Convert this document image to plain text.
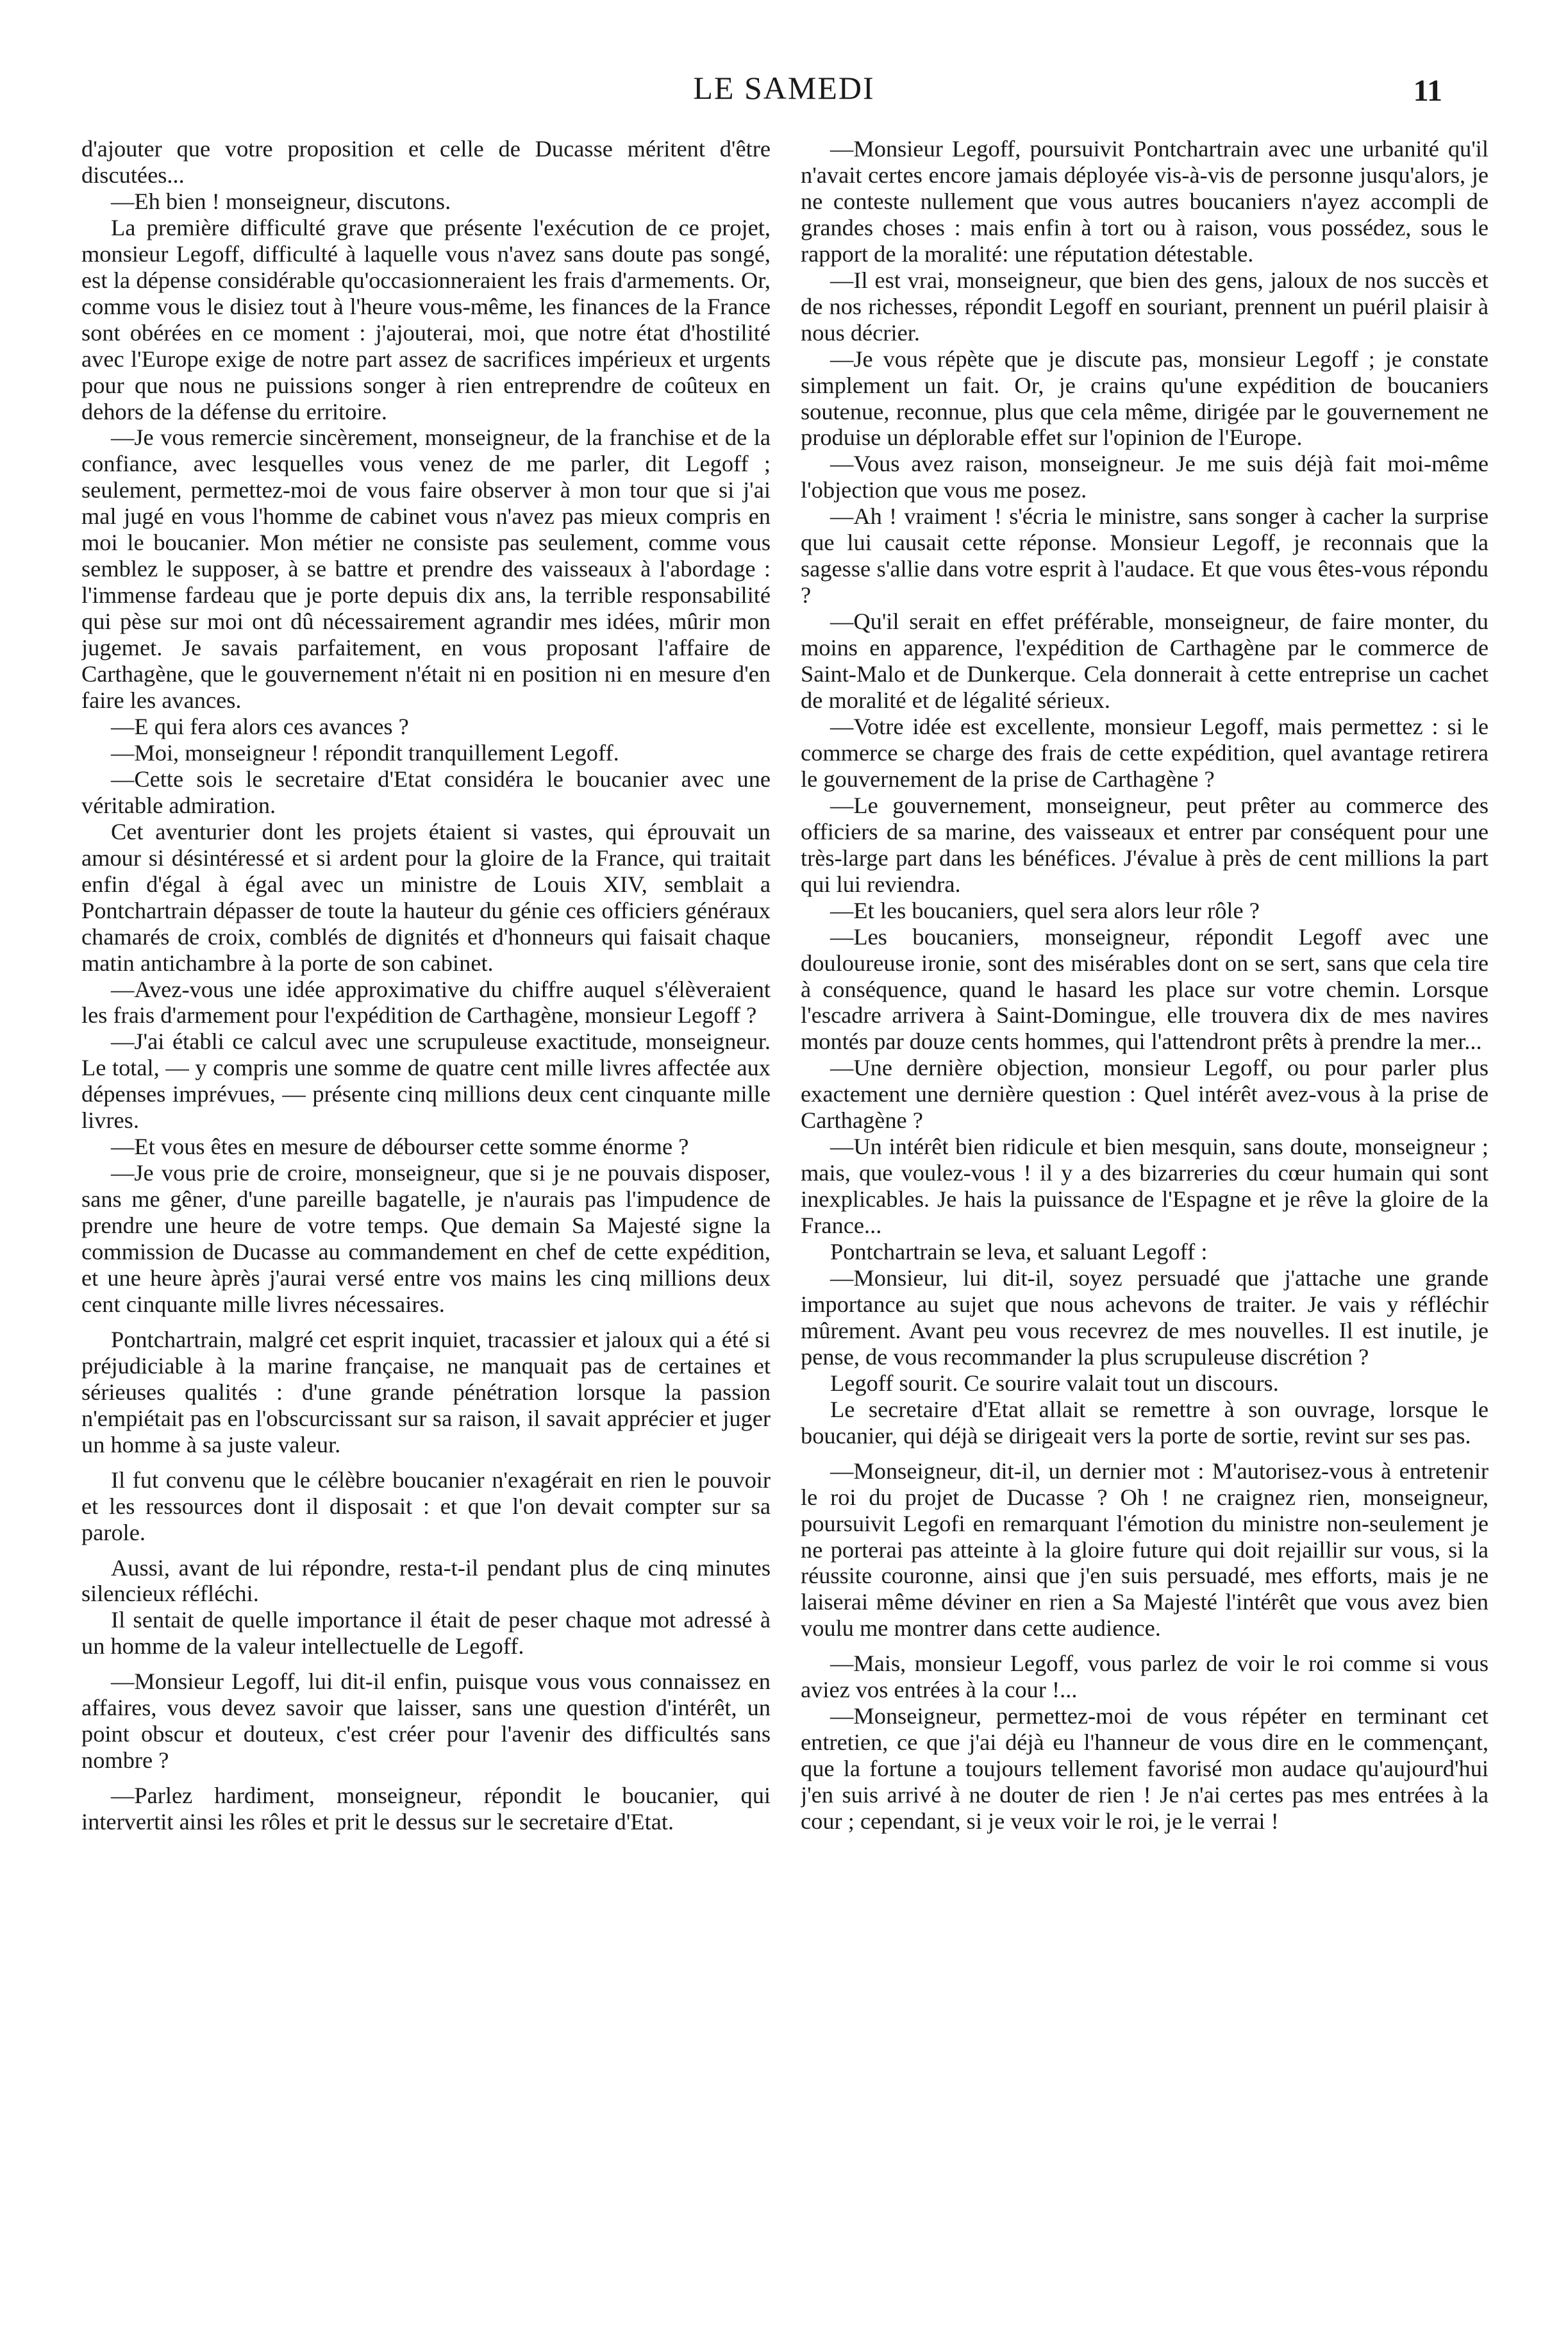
LE SAMEDI	11

d'ajouter que votre proposition et celle de Ducasse méritent d'être discutées...

—Eh bien ! monseigneur, discutons.

La première difficulté grave que présente l'exécution de ce projet, monsieur Legoff, difficulté à laquelle vous n'avez sans doute pas songé, est la dépense considérable qu'occasionneraient les frais d'armements. Or, comme vous le disiez tout à l'heure vous-même, les finances de la France sont obérées en ce moment : j'ajouterai, moi, que notre état d'hostilité avec l'Europe exige de notre part assez de sacrifices impérieux et urgents pour que nous ne puissions songer à rien entreprendre de coûteux en dehors de la défense du erritoire.

—Je vous remercie sincèrement, monseigneur, de la franchise et de la confiance, avec lesquelles vous venez de me parler, dit Legoff ; seulement, permettez-moi de vous faire observer à mon tour que si j'ai mal jugé en vous l'homme de cabinet vous n'avez pas mieux compris en moi le boucanier. Mon métier ne consiste pas seulement, comme vous semblez le supposer, à se battre et prendre des vaisseaux à l'abordage : l'immense fardeau que je porte depuis dix ans, la terrible responsabilité qui pèse sur moi ont dû nécessairement agrandir mes idées, mûrir mon jugemet. Je savais parfaitement, en vous proposant l'affaire de Carthagène, que le gouvernement n'était ni en position ni en mesure d'en faire les avances.

—E qui fera alors ces avances ?

—Moi, monseigneur ! répondit tranquillement Legoff.

—Cette sois le secretaire d'Etat considéra le boucanier avec une véritable admiration.

Cet aventurier dont les projets étaient si vastes, qui éprouvait un amour si désintéressé et si ardent pour la gloire de la France, qui traitait enfin d'égal à égal avec un ministre de Louis XIV, semblait a Pontchartrain dépasser de toute la hauteur du génie ces officiers généraux chamarés de croix, comblés de dignités et d'honneurs qui faisait chaque matin antichambre à la porte de son cabinet.

—Avez-vous une idée approximative du chiffre auquel s'élèveraient les frais d'armement pour l'expédition de Carthagène, monsieur Legoff ?

—J'ai établi ce calcul avec une scrupuleuse exactitude, monseigneur. Le total, — y compris une somme de quatre cent mille livres affectée aux dépenses imprévues, — présente cinq millions deux cent cinquante mille livres.

—Et vous êtes en mesure de débourser cette somme énorme ?

—Je vous prie de croire, monseigneur, que si je ne pouvais disposer, sans me gêner, d'une pareille bagatelle, je n'aurais pas l'impudence de prendre une heure de votre temps. Que demain Sa Majesté signe la commission de Ducasse au commandement en chef de cette expédition, et une heure àprès j'aurai versé entre vos mains les cinq millions deux cent cinquante mille livres nécessaires.

Pontchartrain, malgré cet esprit inquiet, tracassier et jaloux qui a été si préjudiciable à la marine française, ne manquait pas de certaines et sérieuses qualités : d'une grande pénétration lorsque la passion n'empiétait pas en l'obscurcissant sur sa raison, il savait apprécier et juger un homme à sa juste valeur.

Il fut convenu que le célèbre boucanier n'exagérait en rien le pouvoir et les ressources dont il disposait : et que l'on devait compter sur sa parole.

Aussi, avant de lui répondre, resta-t-il pendant plus de cinq minutes silencieux réfléchi.

Il sentait de quelle importance il était de peser chaque mot adressé à un homme de la valeur intellectuelle de Legoff.

—Monsieur Legoff, lui dit-il enfin, puisque vous vous connaissez en affaires, vous devez savoir que laisser, sans une question d'intérêt, un point obscur et douteux, c'est créer pour l'avenir des difficultés sans nombre ?

—Parlez hardiment, monseigneur, répondit le boucanier, qui intervertit ainsi les rôles et prit le dessus sur le secretaire d'Etat.

—Monsieur Legoff, poursuivit Pontchartrain avec une urbanité qu'il n'avait certes encore jamais déployée vis-à-vis de personne jusqu'alors, je ne conteste nullement que vous autres boucaniers n'ayez accompli de grandes choses : mais enfin à tort ou à raison, vous possédez, sous le rapport de la moralité: une réputation détestable.

—Il est vrai, monseigneur, que bien des gens, jaloux de nos succès et de nos richesses, répondit Legoff en souriant, prennent un puéril plaisir à nous décrier.

—Je vous répète que je discute pas, monsieur Legoff ; je constate simplement un fait. Or, je crains qu'une expédition de boucaniers soutenue, reconnue, plus que cela même, dirigée par le gouvernement ne produise un déplorable effet sur l'opinion de l'Europe.

—Vous avez raison, monseigneur. Je me suis déjà fait moi-même l'objection que vous me posez.

—Ah ! vraiment ! s'écria le ministre, sans songer à cacher la surprise que lui causait cette réponse. Monsieur Legoff, je reconnais que la sagesse s'allie dans votre esprit à l'audace. Et que vous êtes-vous répondu ?

—Qu'il serait en effet préférable, monseigneur, de faire monter, du moins en apparence, l'expédition de Carthagène par le commerce de Saint-Malo et de Dunkerque. Cela donnerait à cette entreprise un cachet de moralité et de légalité sérieux.

—Votre idée est excellente, monsieur Legoff, mais permettez : si le commerce se charge des frais de cette expédition, quel avantage retirera le gouvernement de la prise de Carthagène ?

—Le gouvernement, monseigneur, peut prêter au commerce des officiers de sa marine, des vaisseaux et entrer par conséquent pour une très-large part dans les bénéfices. J'évalue à près de cent millions la part qui lui reviendra.

—Et les boucaniers, quel sera alors leur rôle ?

—Les boucaniers, monseigneur, répondit Legoff avec une douloureuse ironie, sont des misérables dont on se sert, sans que cela tire à conséquence, quand le hasard les place sur votre chemin. Lorsque l'escadre arrivera à Saint-Domingue, elle trouvera dix de mes navires montés par douze cents hommes, qui l'attendront prêts à prendre la mer...

—Une dernière objection, monsieur Legoff, ou pour parler plus exactement une dernière question : Quel intérêt avez-vous à la prise de Carthagène ?

—Un intérêt bien ridicule et bien mesquin, sans doute, monseigneur ; mais, que voulez-vous ! il y a des bizarreries du cœur humain qui sont inexplicables. Je hais la puissance de l'Espagne et je rêve la gloire de la France...

Pontchartrain se leva, et saluant Legoff :

—Monsieur, lui dit-il, soyez persuadé que j'attache une grande importance au sujet que nous achevons de traiter. Je vais y réfléchir mûrement. Avant peu vous recevrez de mes nouvelles. Il est inutile, je pense, de vous recommander la plus scrupuleuse discrétion ?

Legoff sourit. Ce sourire valait tout un discours.

Le secretaire d'Etat allait se remettre à son ouvrage, lorsque le boucanier, qui déjà se dirigeait vers la porte de sortie, revint sur ses pas.

—Monseigneur, dit-il, un dernier mot : M'autorisez-vous à entretenir le roi du projet de Ducasse ? Oh ! ne craignez rien, monseigneur, poursuivit Legofi en remarquant l'émotion du ministre non-seulement je ne porterai pas atteinte à la gloire future qui doit rejaillir sur vous, si la réussite couronne, ainsi que j'en suis persuadé, mes efforts, mais je ne laiserai même déviner en rien a Sa Majesté l'intérêt que vous avez bien voulu me montrer dans cette audience.

—Mais, monsieur Legoff, vous parlez de voir le roi comme si vous aviez vos entrées à la cour !...

—Monseigneur, permettez-moi de vous répéter en terminant cet entretien, ce que j'ai déjà eu l'hanneur de vous dire en le commençant, que la fortune a toujours tellement favorisé mon audace qu'aujourd'hui j'en suis arrivé à ne douter de rien ! Je n'ai certes pas mes entrées à la cour ; cependant, si je veux voir le roi, je le verrai !
